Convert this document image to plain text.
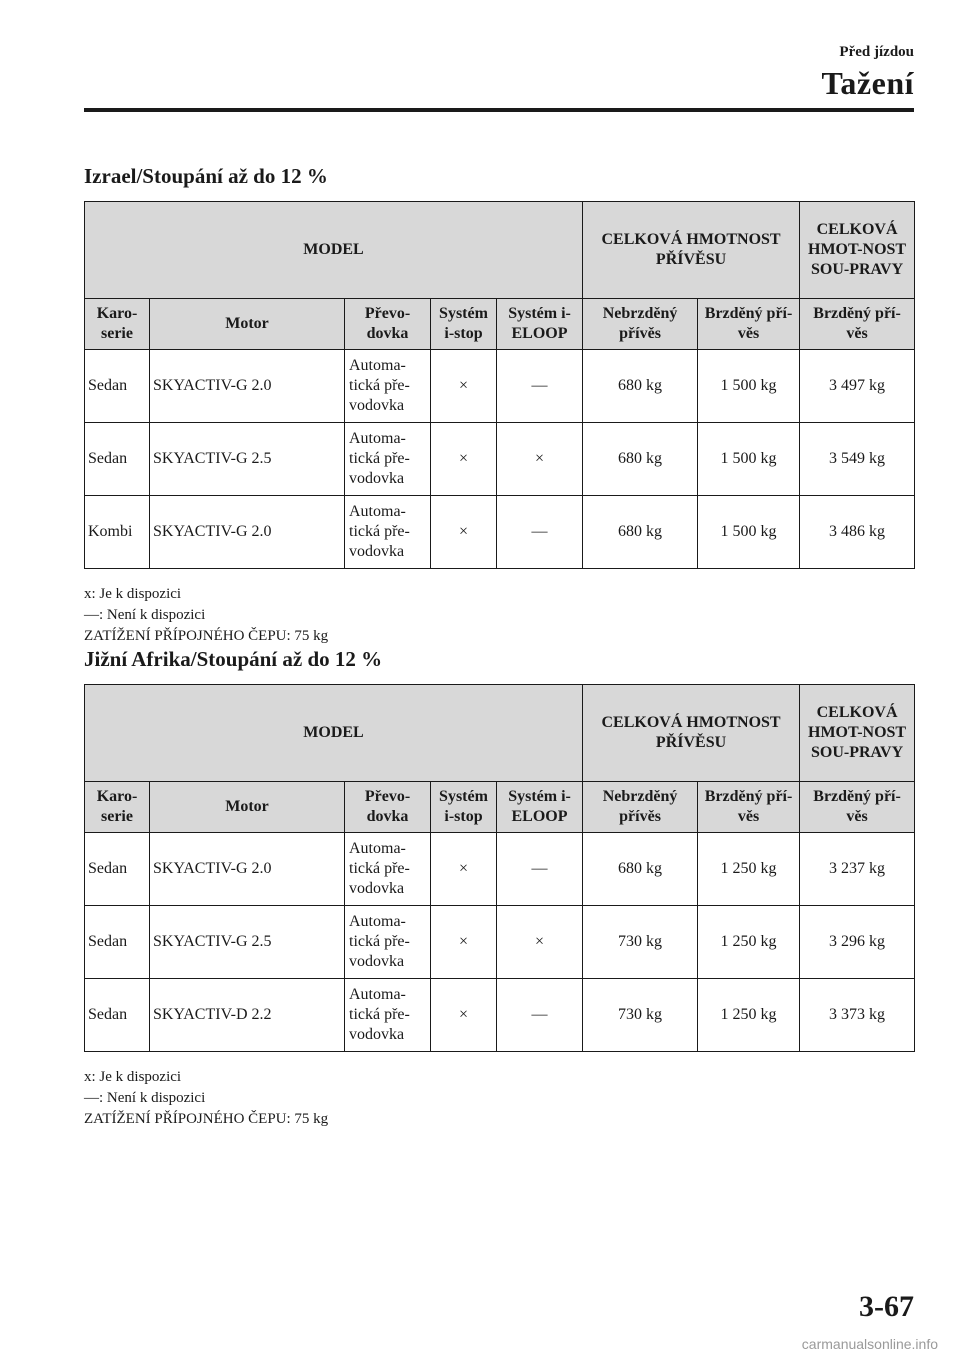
Před jízdou
Tažení
Izrael/Stoupání až do 12 %
MODEL					CELKOVÁ HMOTNOST PŘÍVĚSU		CELKOVÁ HMOT-NOST SOU-PRAVY
Karo-serie	Motor	Převo-dovka	Systém i-stop	Systém i-ELOOP	Nebrzděný přívěs	Brzděný pří-věs	Brzděný pří-věs
Sedan	SKYACTIV-G 2.0	Automa-
tická pře-
vodovka	×	—	680 kg	1 500 kg	3 497 kg
Sedan	SKYACTIV-G 2.5	Automa-
tická pře-
vodovka	×	×	680 kg	1 500 kg	3 549 kg
Kombi	SKYACTIV-G 2.0	Automa-
tická pře-
vodovka	×	—	680 kg	1 500 kg	3 486 kg
x: Je k dispozici
—: Není k dispozici
ZATÍŽENÍ PŘÍPOJNÉHO ČEPU: 75 kg
Jižní Afrika/Stoupání až do 12 %
MODEL					CELKOVÁ HMOTNOST PŘÍVĚSU		CELKOVÁ HMOT-NOST SOU-PRAVY
Karo-serie	Motor	Převo-dovka	Systém i-stop	Systém i-ELOOP	Nebrzděný přívěs	Brzděný pří-věs	Brzděný pří-věs
Sedan	SKYACTIV-G 2.0	Automa-
tická pře-
vodovka	×	—	680 kg	1 250 kg	3 237 kg
Sedan	SKYACTIV-G 2.5	Automa-
tická pře-
vodovka	×	×	730 kg	1 250 kg	3 296 kg
Sedan	SKYACTIV-D 2.2	Automa-
tická pře-
vodovka	×	—	730 kg	1 250 kg	3 373 kg
x: Je k dispozici
—: Není k dispozici
ZATÍŽENÍ PŘÍPOJNÉHO ČEPU: 75 kg
3-67
carmanualsonline.info
